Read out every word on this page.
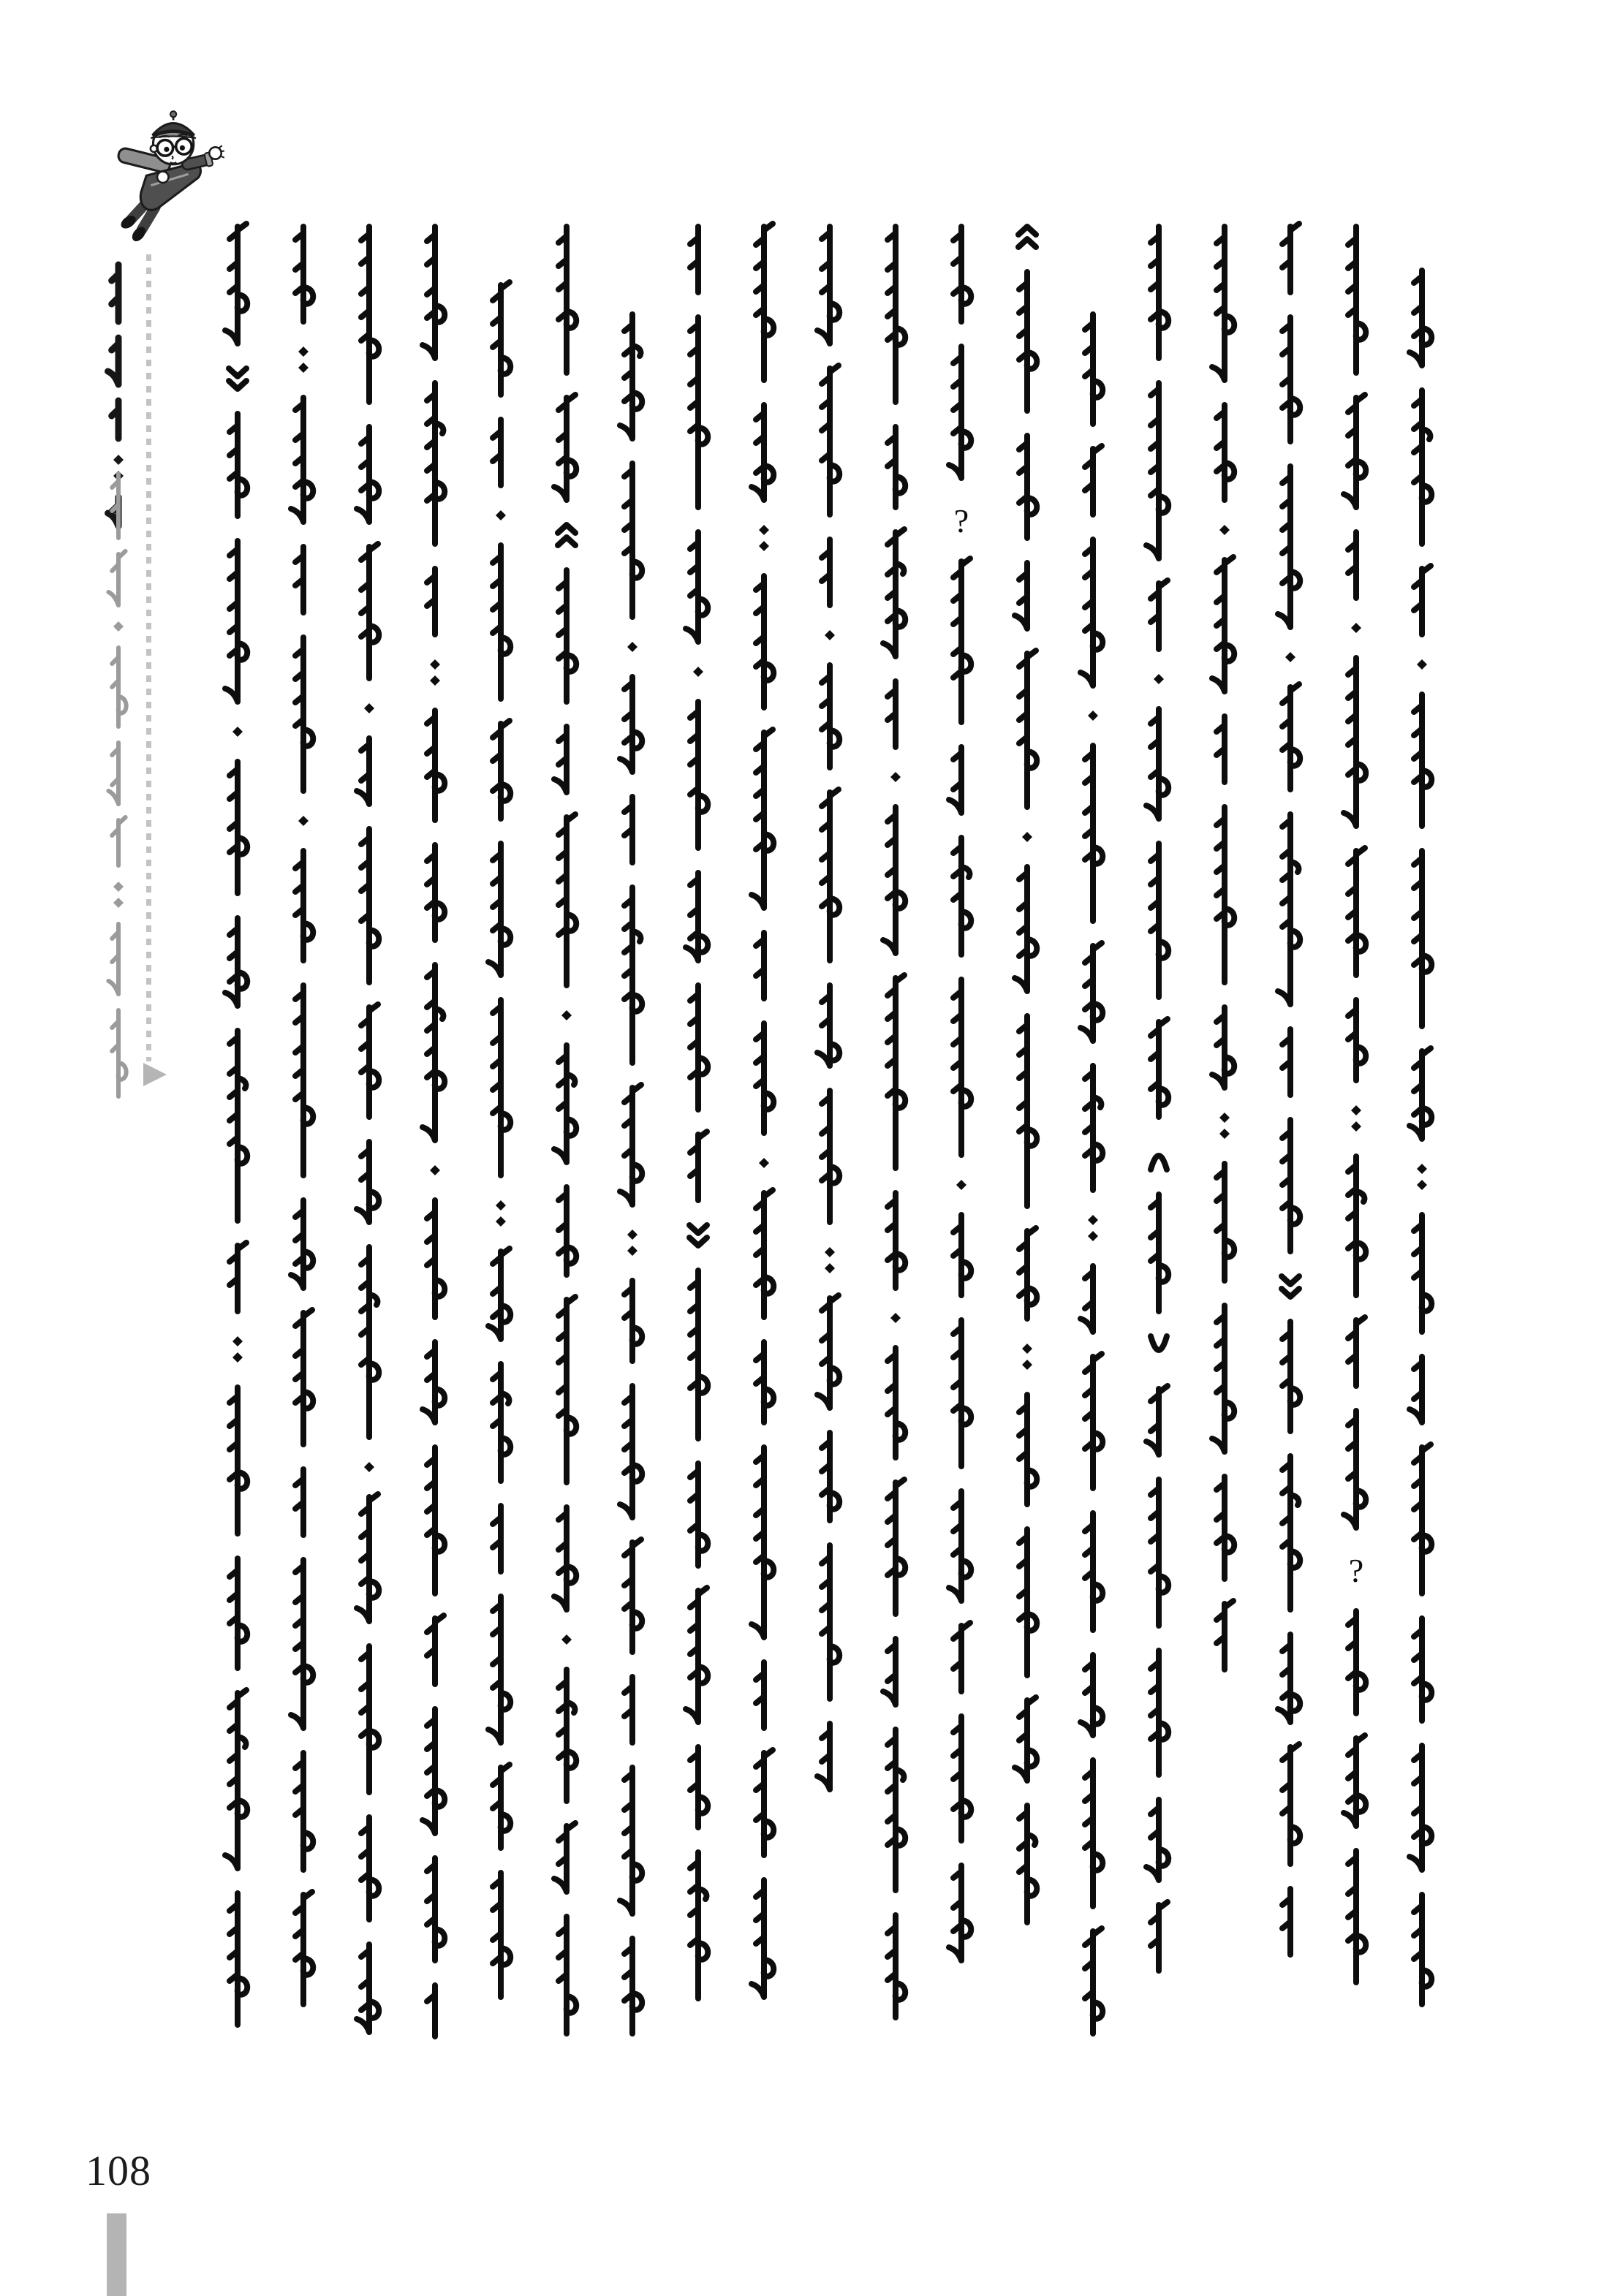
?
?
108
